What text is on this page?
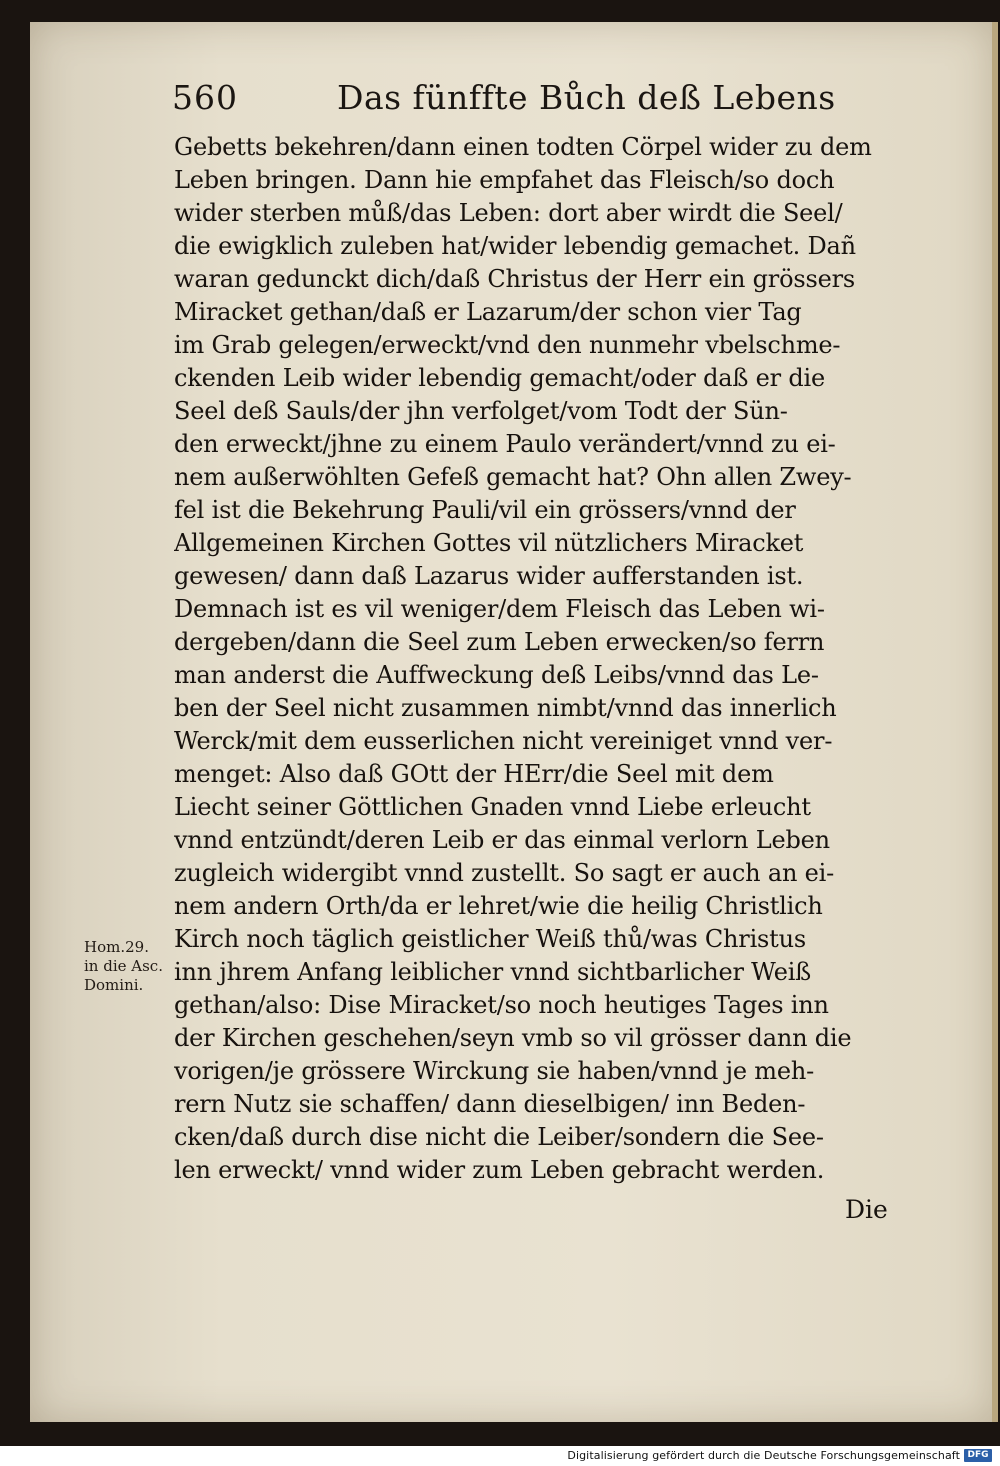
560	Das fünffte Bůch deß Lebens
Hom.29.
in die Asc.
Domini.
Gebetts bekehren/dann einen todten Cörpel wider zu dem
Leben bringen. Dann hie empfahet das Fleisch/so doch
wider sterben můß/das Leben: dort aber wirdt die Seel/
die ewigklich zuleben hat/wider lebendig gemachet. Dañ
waran gedunckt dich/daß Christus der Herr ein grössers
Miracket gethan/daß er Lazarum/der schon vier Tag
im Grab gelegen/erweckt/vnd den nunmehr vbelschme-
ckenden Leib wider lebendig gemacht/oder daß er die
Seel deß Sauls/der jhn verfolget/vom Todt der Sün-
den erweckt/jhne zu einem Paulo verändert/vnnd zu ei-
nem außerwöhlten Gefeß gemacht hat? Ohn allen Zwey-
fel ist die Bekehrung Pauli/vil ein grössers/vnnd der
Allgemeinen Kirchen Gottes vil nützlichers Miracket
gewesen/ dann daß Lazarus wider aufferstanden ist.
Demnach ist es vil weniger/dem Fleisch das Leben wi-
dergeben/dann die Seel zum Leben erwecken/so ferrn
man anderst die Auffweckung deß Leibs/vnnd das Le-
ben der Seel nicht zusammen nimbt/vnnd das innerlich
Werck/mit dem eusserlichen nicht vereiniget vnnd ver-
menget: Also daß GOtt der HErr/die Seel mit dem
Liecht seiner Göttlichen Gnaden vnnd Liebe erleucht
vnnd entzündt/deren Leib er das einmal verlorn Leben
zugleich widergibt vnnd zustellt. So sagt er auch an ei-
nem andern Orth/da er lehret/wie die heilig Christlich
Kirch noch täglich geistlicher Weiß thů/was Christus
inn jhrem Anfang leiblicher vnnd sichtbarlicher Weiß
gethan/also: Dise Miracket/so noch heutiges Tages inn
der Kirchen geschehen/seyn vmb so vil grösser dann die
vorigen/je grössere Wirckung sie haben/vnnd je meh-
rern Nutz sie schaffen/ dann dieselbigen/ inn Beden-
cken/daß durch dise nicht die Leiber/sondern die See-
len erweckt/ vnnd wider zum Leben gebracht werden.
Die
Digitalisierung gefördert durch die Deutsche Forschungsgemeinschaft DFG
